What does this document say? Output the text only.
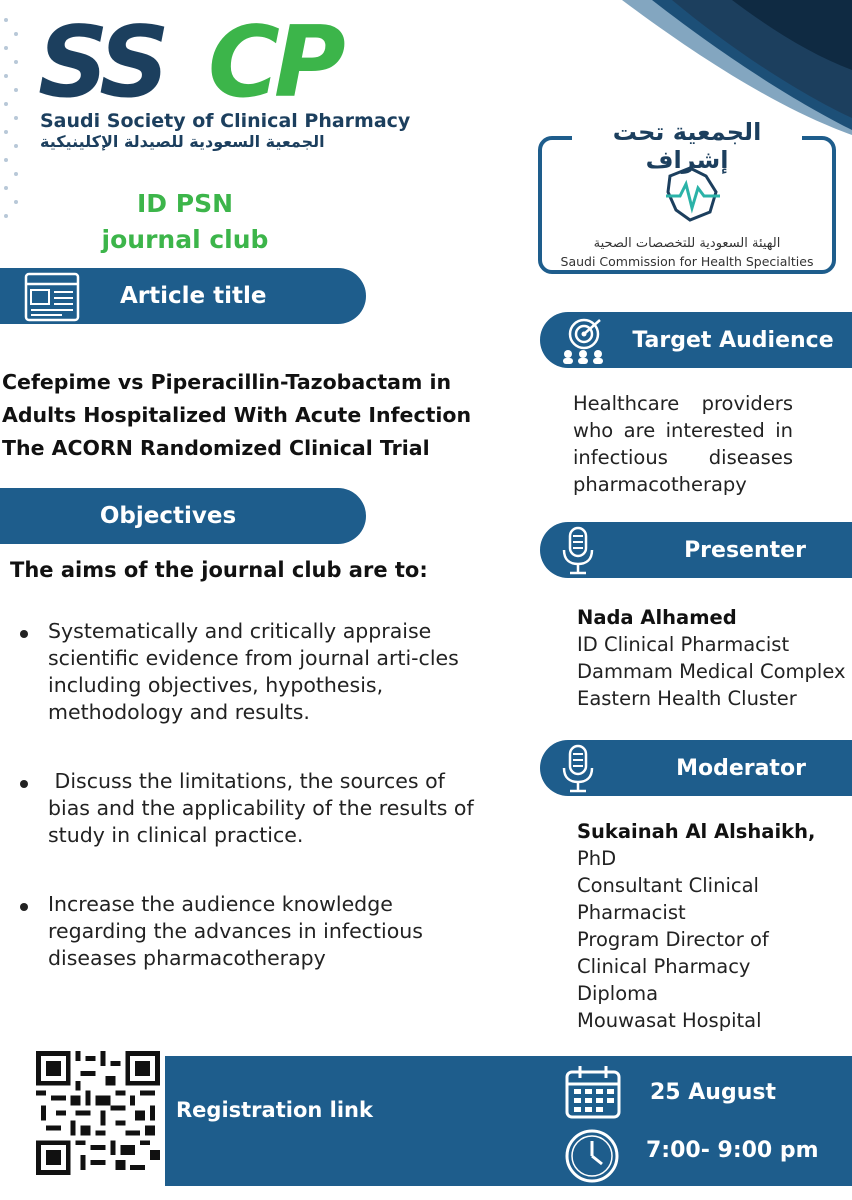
SS CP
Saudi Society of Clinical Pharmacy
الجمعية السعودية للصيدلة الإكلينيكية
ID PSN
journal club
Article title
Cefepime vs Piperacillin-Tazobactam in
Adults Hospitalized With Acute Infection
The ACORN Randomized Clinical Trial
Objectives
The aims of the journal club are to:
Systematically and critically appraise scientific evidence from journal arti-cles including objectives, hypothesis, methodology and results.
Discuss the limitations, the sources of bias and the applicability of the results of study in clinical practice.
Increase the audience knowledge regarding the advances in infectious diseases pharmacotherapy
الجمعية تحت إشراف
الهيئة السعودية للتخصصات الصحية
Saudi Commission for Health Specialties
Target Audience
Healthcare providers who are interested in infectious diseases pharmacotherapy
Presenter
Nada Alhamed
ID Clinical Pharmacist
Dammam Medical Complex
Eastern Health Cluster
Moderator
Sukainah Al Alshaikh,
PhD
Consultant Clinical
Pharmacist
Program Director of
Clinical Pharmacy
Diploma
Mouwasat Hospital
Registration link
25 August
7:00- 9:00 pm
